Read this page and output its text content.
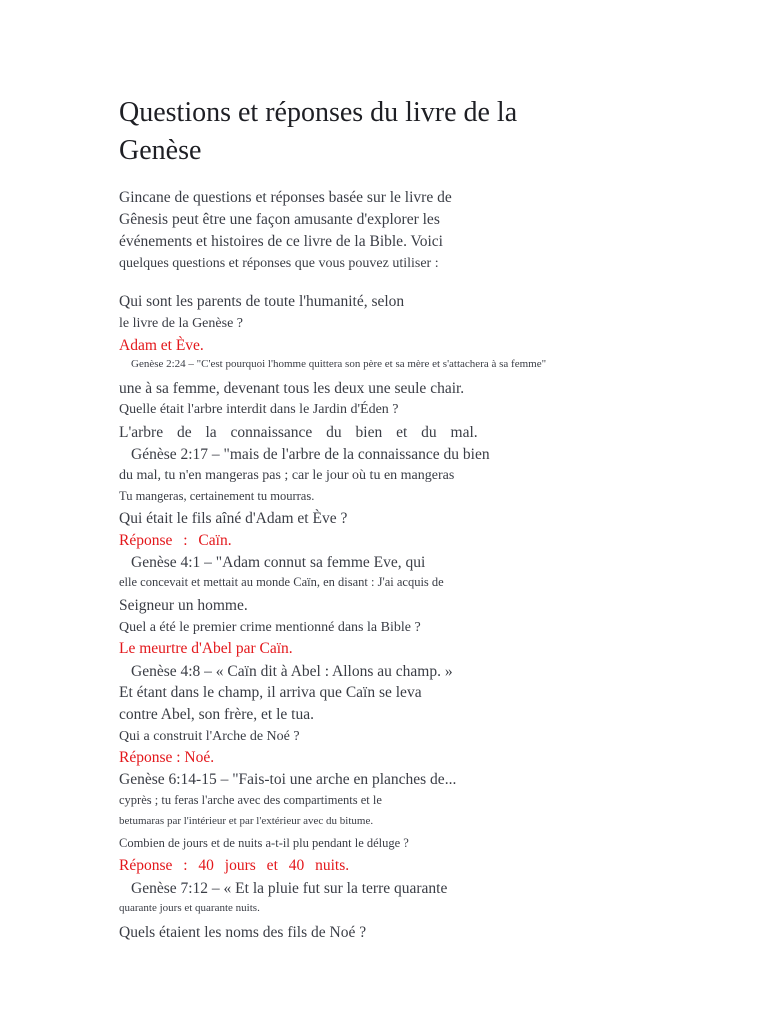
Questions et réponses du livre de la Genèse

Gincane de questions et réponses basée sur le livre de

Gênesis peut être une façon amusante d'explorer les

événements et histoires de ce livre de la Bible. Voici

quelques questions et réponses que vous pouvez utiliser :

Qui sont les parents de toute l'humanité, selon

le livre de la Genèse ?

Adam et Ève.

Genèse 2:24 – "C'est pourquoi l'homme quittera son père et sa mère et s'attachera à sa femme"

une à sa femme, devenant tous les deux une seule chair.

Quelle était l'arbre interdit dans le Jardin d'Éden ?

L'arbre de la connaissance du bien et du mal.

Génèse 2:17 – "mais de l'arbre de la connaissance du bien

du mal, tu n'en mangeras pas ; car le jour où tu en mangeras

Tu mangeras, certainement tu mourras.

Qui était le fils aîné d'Adam et Ève ?

Réponse : Caïn.

Genèse 4:1 – "Adam connut sa femme Eve, qui

elle concevait et mettait au monde Caïn, en disant : J'ai acquis de

Seigneur un homme.

Quel a été le premier crime mentionné dans la Bible ?

Le meurtre d'Abel par Caïn.

Genèse 4:8 – « Caïn dit à Abel : Allons au champ. »

Et étant dans le champ, il arriva que Caïn se leva

contre Abel, son frère, et le tua.

Qui a construit l'Arche de Noé ?

Réponse : Noé.

Genèse 6:14-15 – "Fais-toi une arche en planches de...

cyprès ; tu feras l'arche avec des compartiments et le

betumaras par l'intérieur et par l'extérieur avec du bitume.

Combien de jours et de nuits a-t-il plu pendant le déluge ?

Réponse : 40 jours et 40 nuits.

Genèse 7:12 – « Et la pluie fut sur la terre quarante

quarante jours et quarante nuits.

Quels étaient les noms des fils de Noé ?
